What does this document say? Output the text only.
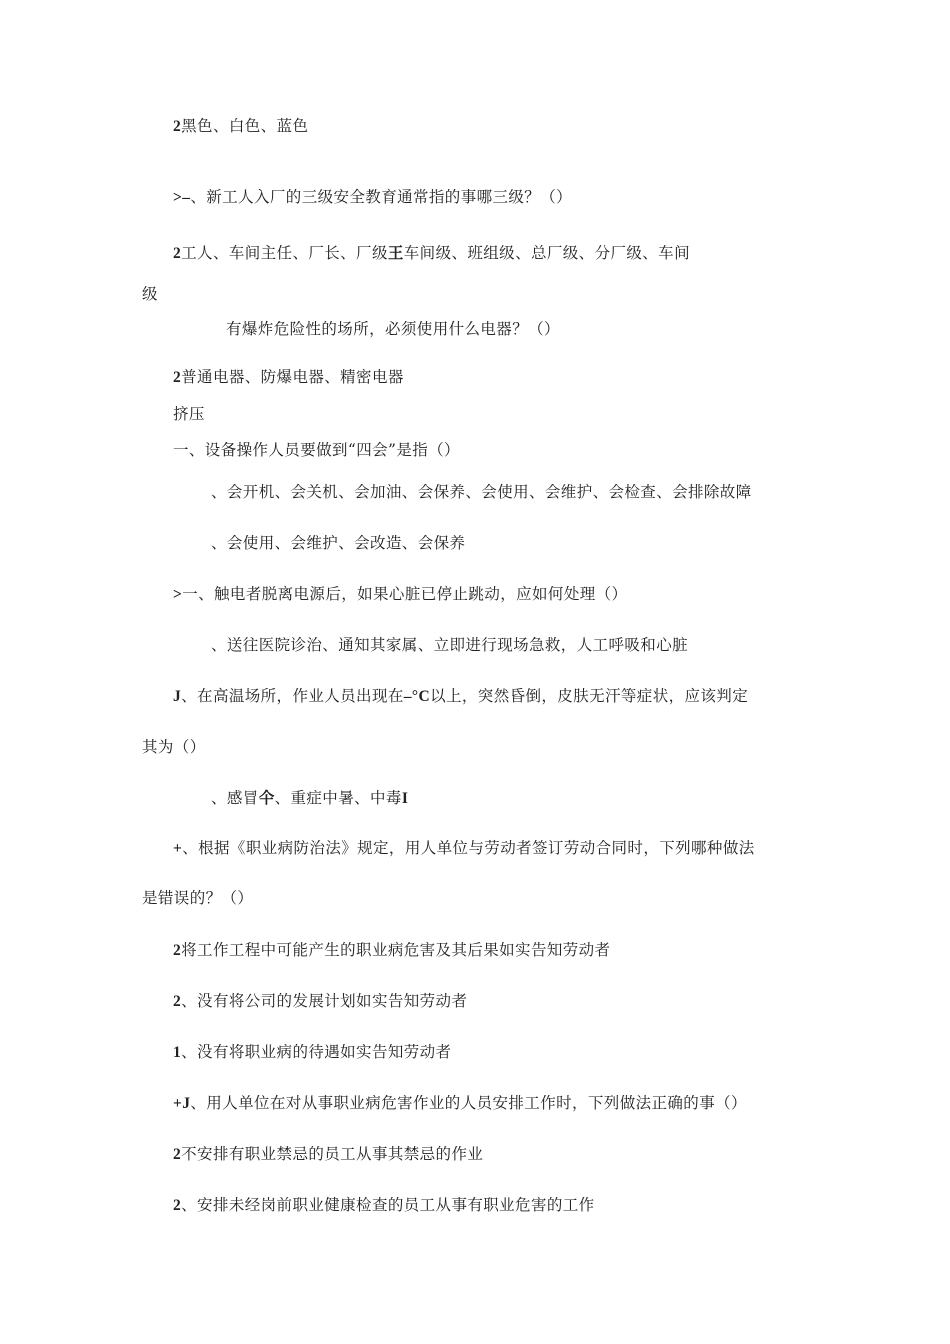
2黑色、白色、蓝色
>–、新工人入厂的三级安全教育通常指的事哪三级？（）
2工人、车间主任、厂长、厂级王车间级、班组级、总厂级、分厂级、车间
级
有爆炸危险性的场所，必须使用什么电器？（）
2普通电器、防爆电器、精密电器
挤压
一、设备操作人员要做到“四会”是指（）
、会开机、会关机、会加油、会保养、会使用、会维护、会检查、会排除故障
、会使用、会维护、会改造、会保养
>一、触电者脱离电源后，如果心脏已停止跳动，应如何处理（）
、送往医院诊治、通知其家属、立即进行现场急救，人工呼吸和心脏
J、在高温场所，作业人员出现在–°C以上，突然昏倒，皮肤无汗等症状，应该判定
其为（）
、感冒仐、重症中暑、中毒I
+、根据《职业病防治法》规定，用人单位与劳动者签订劳动合同时，下列哪种做法
是错误的？（）
2将工作工程中可能产生的职业病危害及其后果如实告知劳动者
2、没有将公司的发展计划如实告知劳动者
1、没有将职业病的待遇如实告知劳动者
+J、用人单位在对从事职业病危害作业的人员安排工作时，下列做法正确的事（）
2不安排有职业禁忌的员工从事其禁忌的作业
2、安排未经岗前职业健康检查的员工从事有职业危害的工作
